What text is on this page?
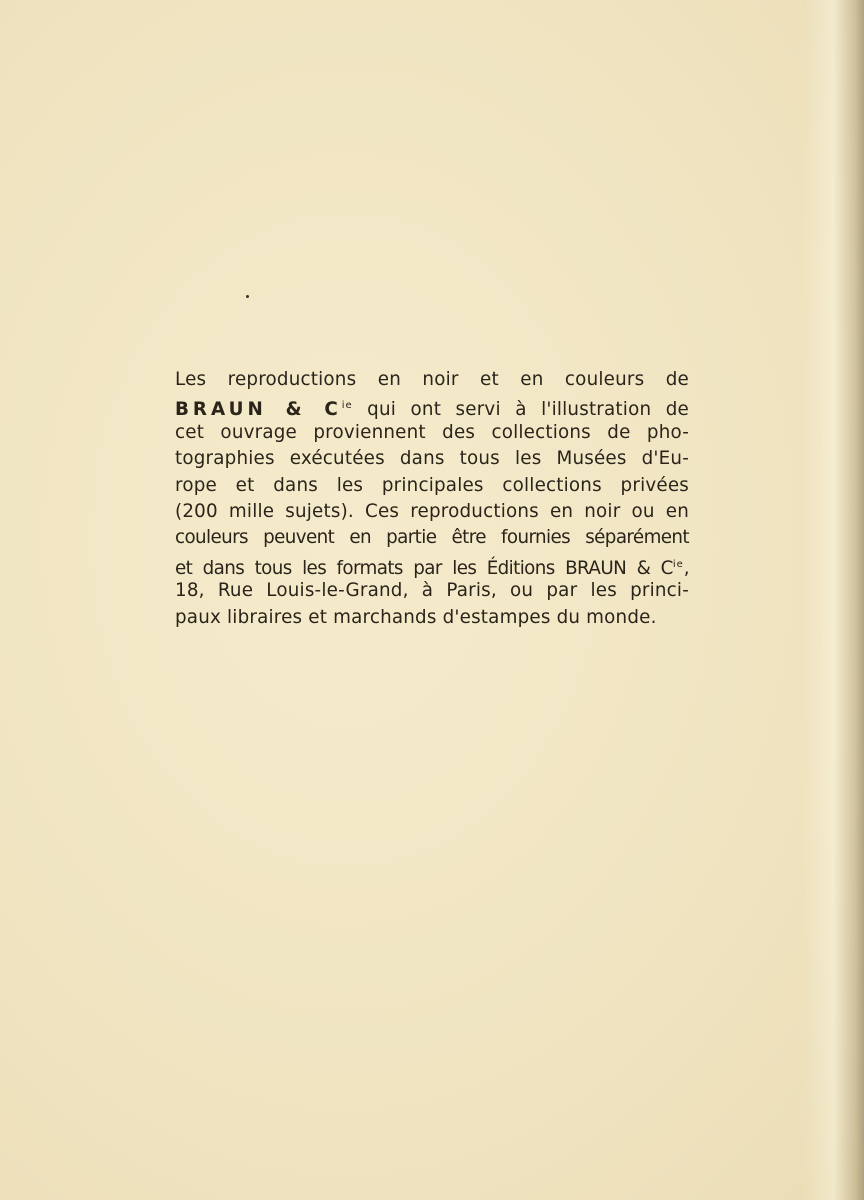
Les reproductions en noir et en couleurs de
BRAUN & $C^{ie}$ qui ont servi à l'illustration de
cet ouvrage proviennent des collections de pho-
tographies exécutées dans tous les Musées d'Eu-
rope et dans les principales collections privées
(200 mille sujets). Ces reproductions en noir ou en
couleurs peuvent en partie être fournies séparément
et dans tous les formats par les Éditions BRAUN & $C^{ie}$,
18, Rue Louis-le-Grand, à Paris, ou par les princi-
paux libraires et marchands d'estampes du monde.
